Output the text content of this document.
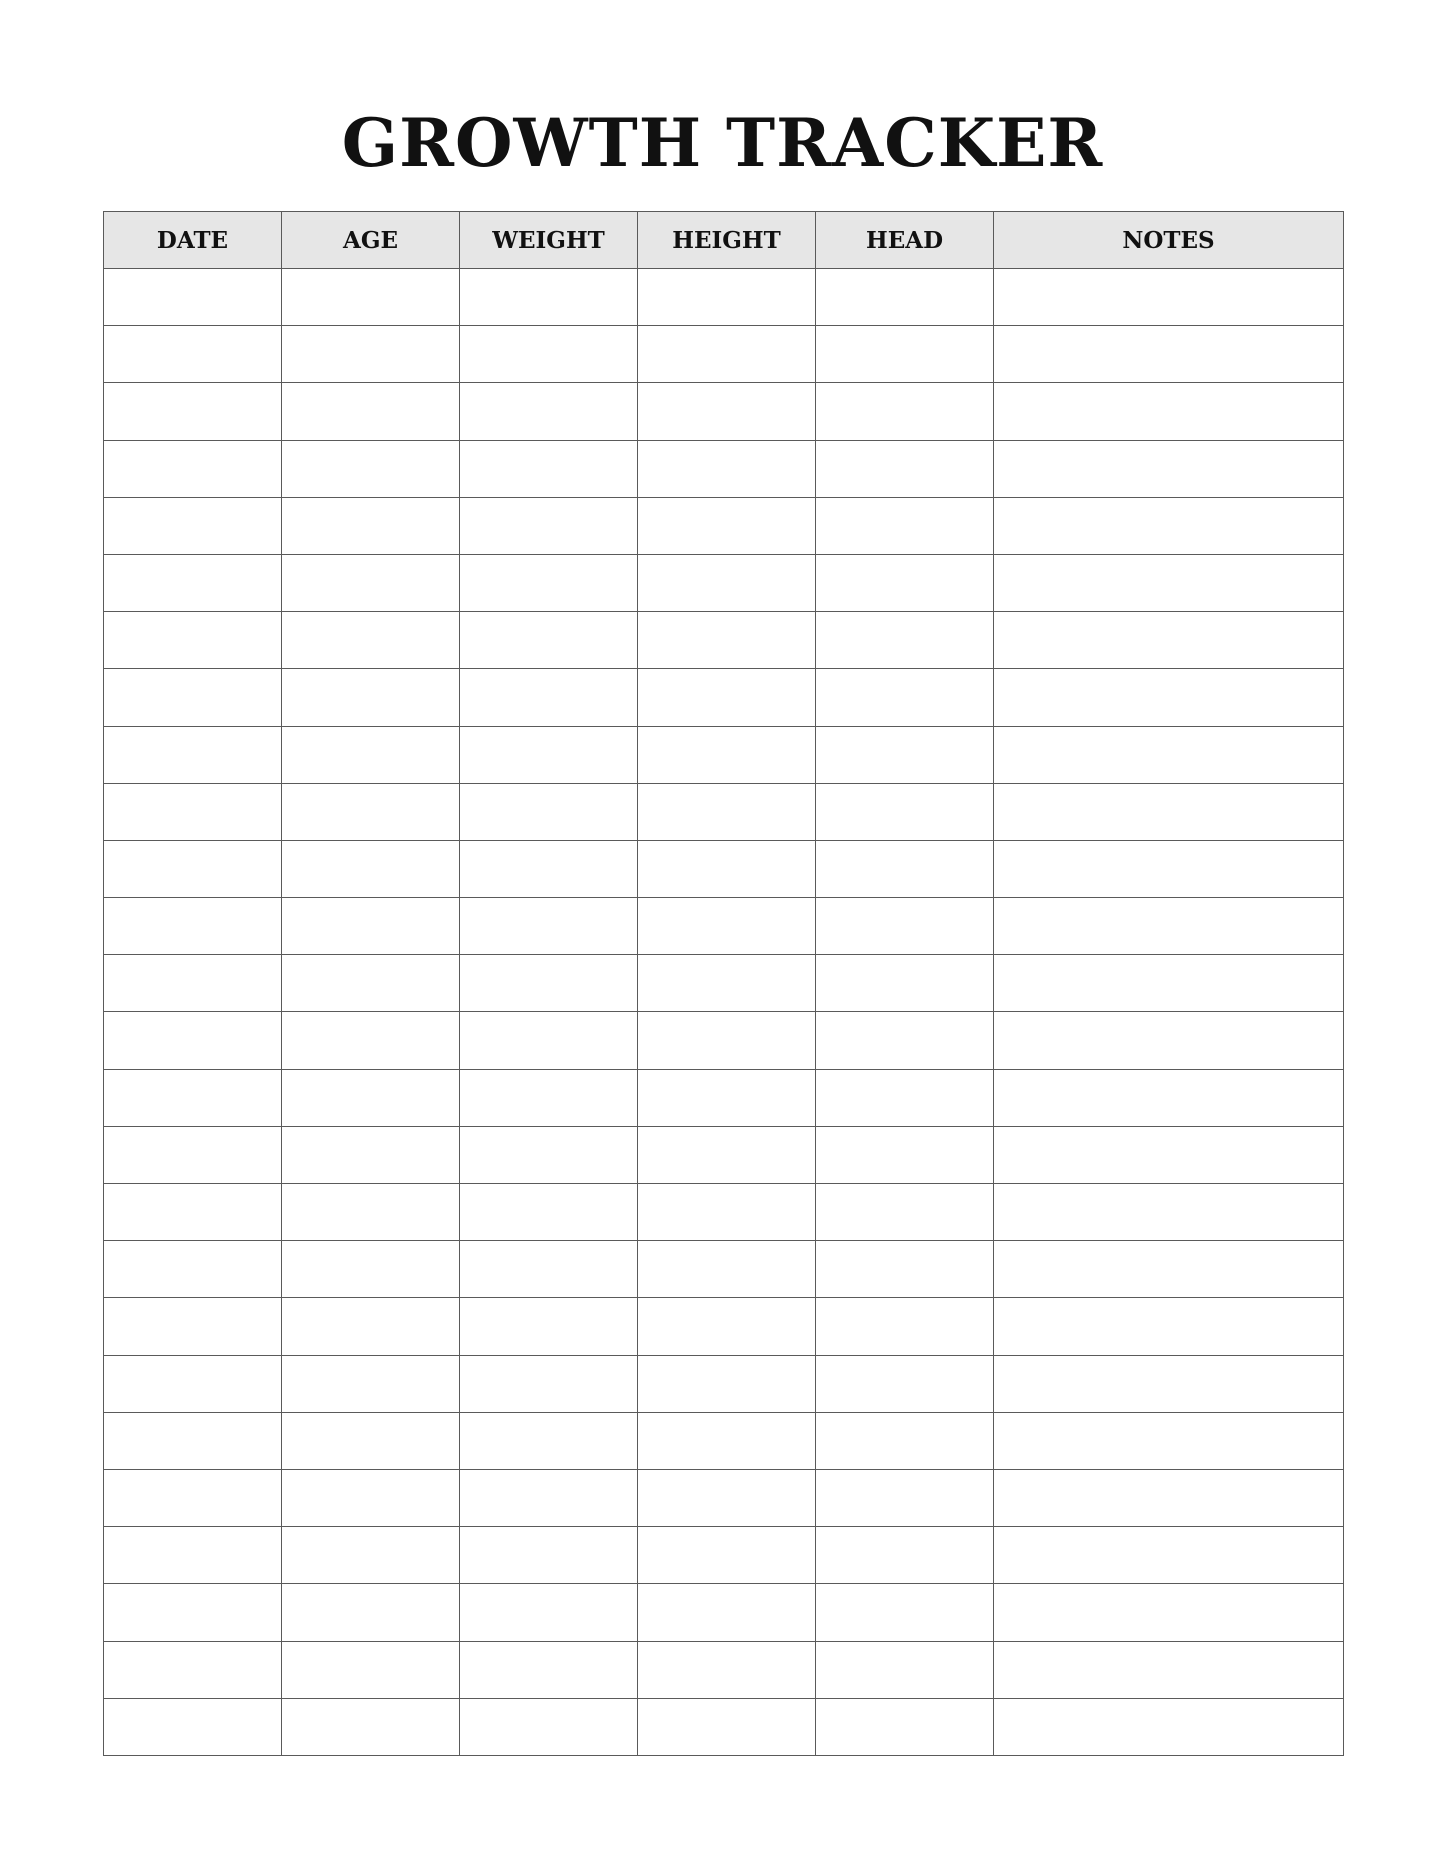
GROWTH TRACKER
DATE	AGE	WEIGHT	HEIGHT	HEAD	NOTES
